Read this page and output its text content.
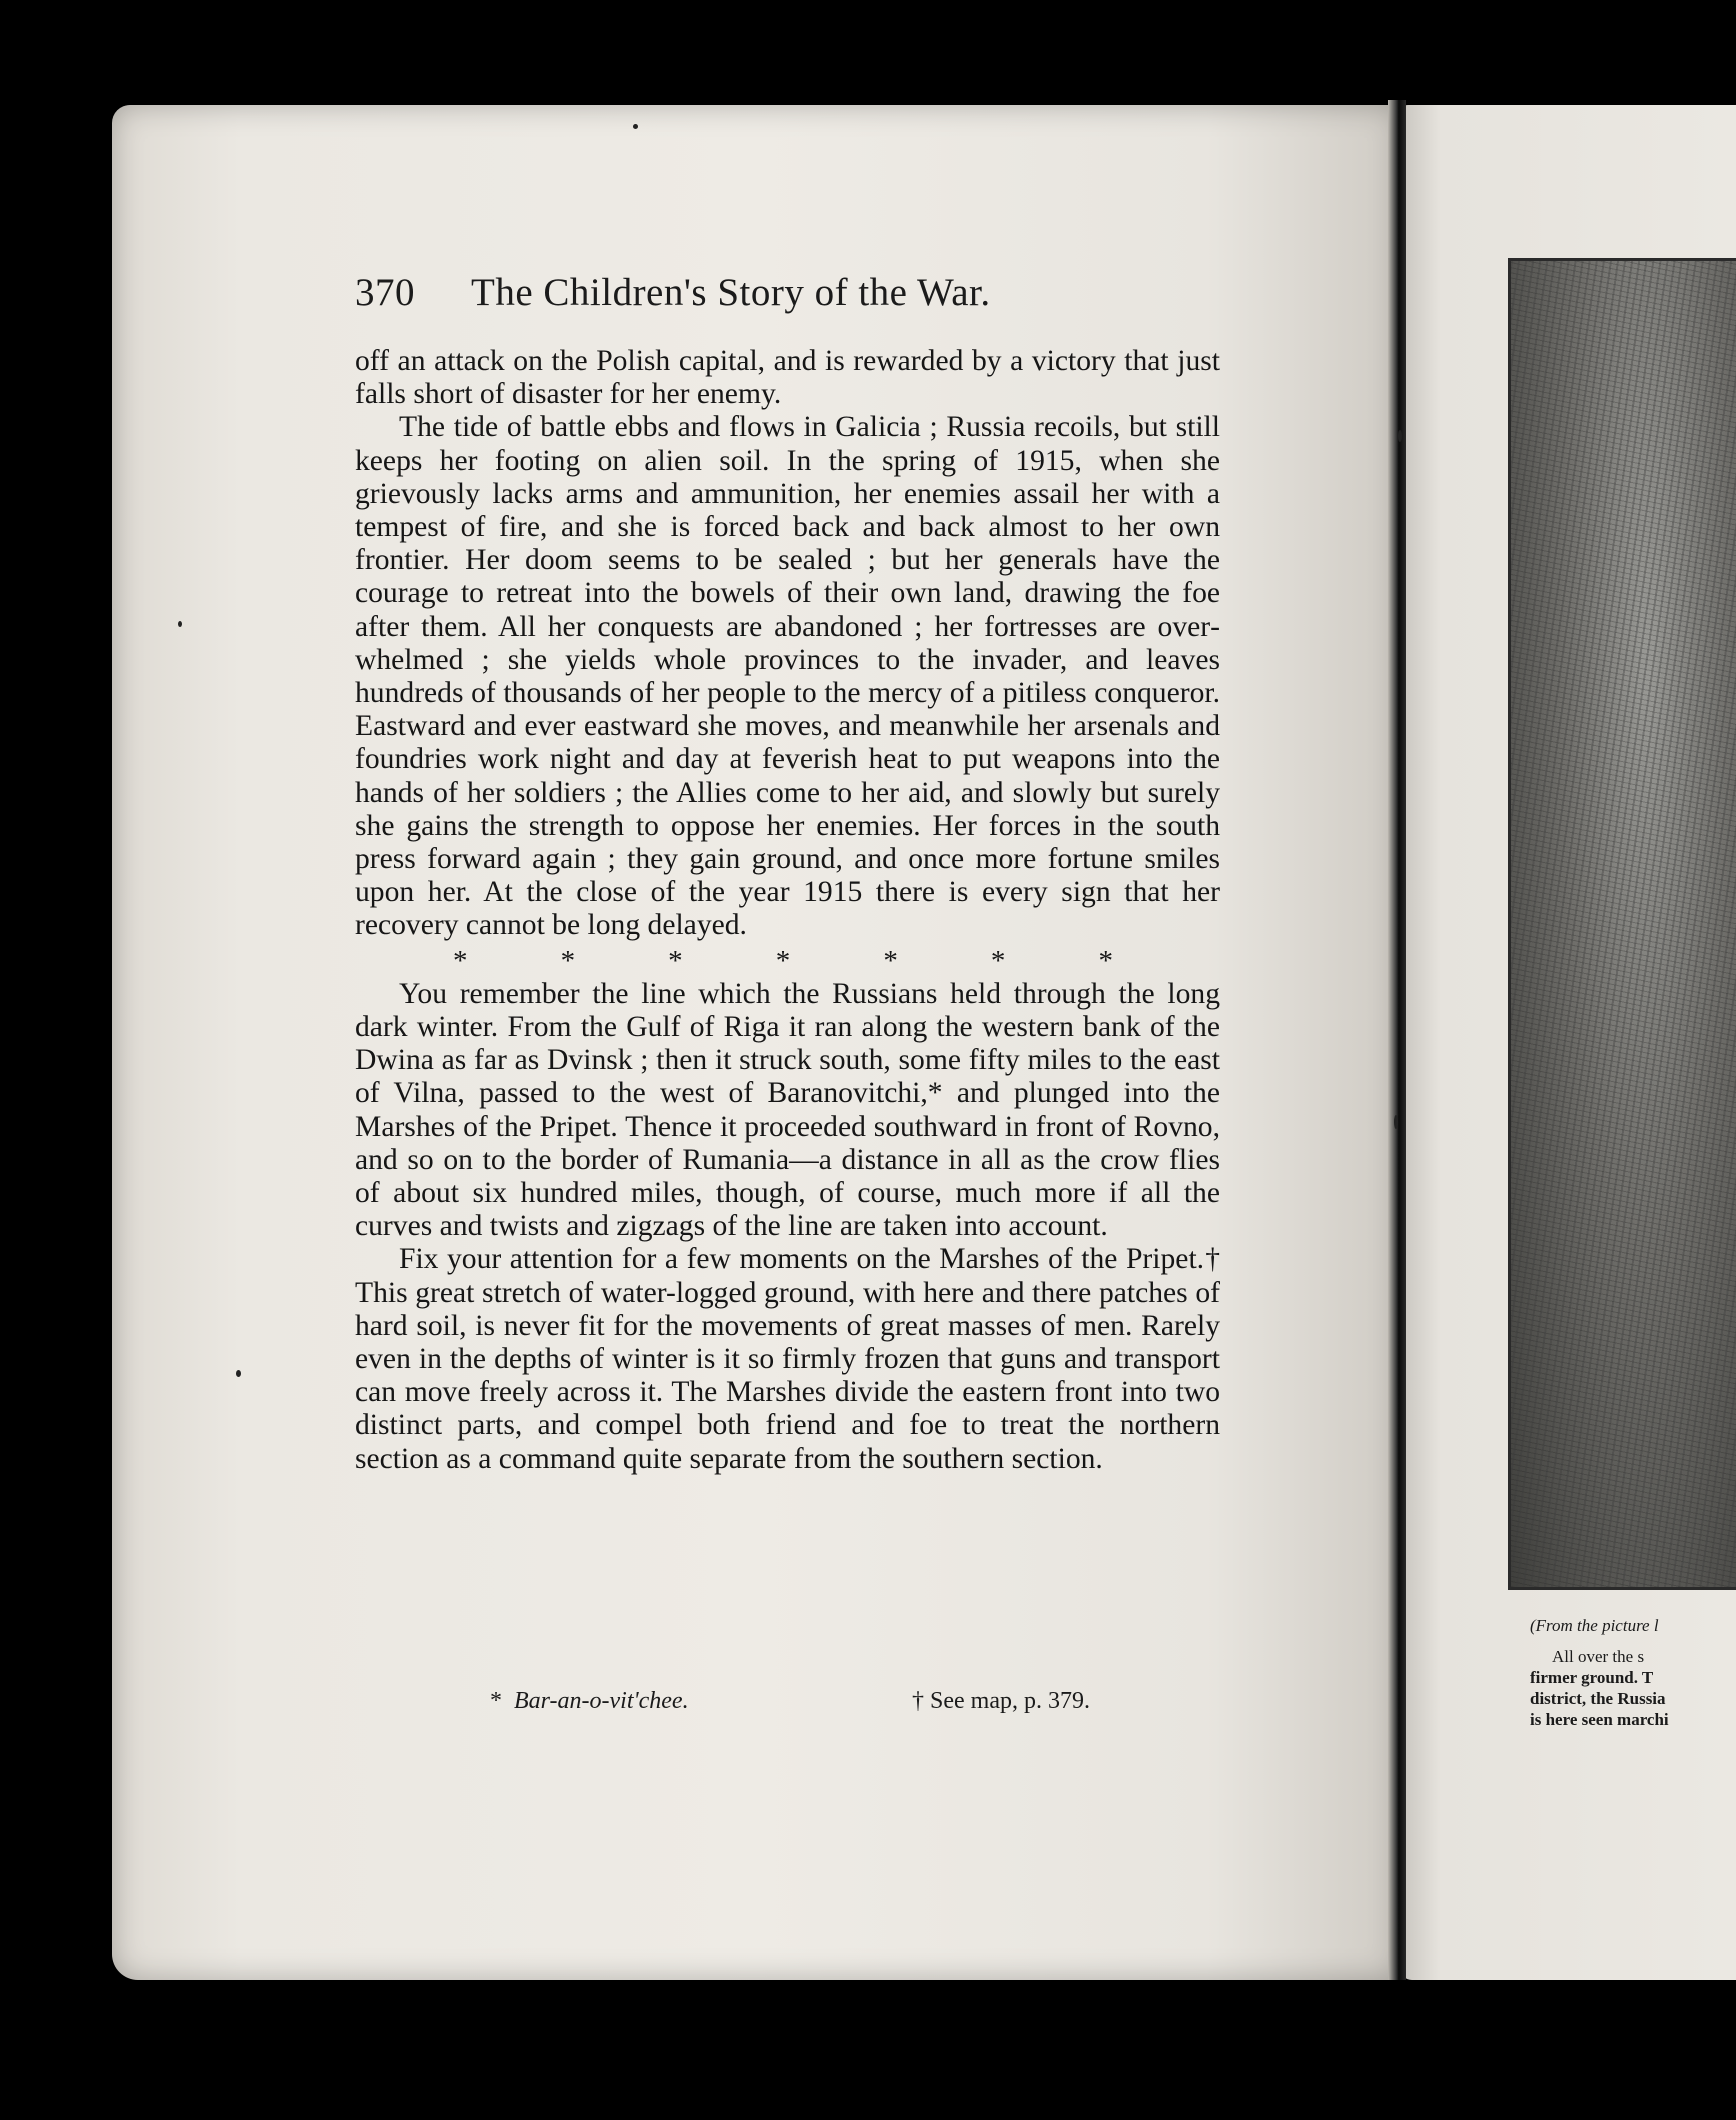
370 The Children's Story of the War.

off an attack on the Polish capital, and is rewarded by a victory that just falls short of disaster for her enemy.

The tide of battle ebbs and flows in Galicia ; Russia recoils, but still keeps her footing on alien soil. In the spring of 1915, when she grievously lacks arms and ammunition, her enemies assail her with a tempest of fire, and she is forced back and back almost to her own frontier. Her doom seems to be sealed ; but her generals have the courage to retreat into the bowels of their own land, drawing the foe after them. All her conquests are abandoned ; her fortresses are overwhelmed ; she yields whole provinces to the invader, and leaves hundreds of thousands of her people to the mercy of a pitiless conqueror. Eastward and ever eastward she moves, and meanwhile her arsenals and foundries work night and day at feverish heat to put weapons into the hands of her soldiers ; the Allies come to her aid, and slowly but surely she gains the strength to oppose her enemies. Her forces in the south press forward again ; they gain ground, and once more fortune smiles upon her. At the close of the year 1915 there is every sign that her recovery cannot be long delayed.

*	*	*	*	*	*	*

You remember the line which the Russians held through the long dark winter. From the Gulf of Riga it ran along the western bank of the Dwina as far as Dvinsk ; then it struck south, some fifty miles to the east of Vilna, passed to the west of Baranovitchi,* and plunged into the Marshes of the Pripet. Thence it proceeded southward in front of Rovno, and so on to the border of Rumania—a distance in all as the crow flies of about six hundred miles, though, of course, much more if all the curves and twists and zigzags of the line are taken into account.

Fix your attention for a few moments on the Marshes of the Pripet.† This great stretch of water-logged ground, with here and there patches of hard soil, is never fit for the movements of great masses of men. Rarely even in the depths of winter is it so firmly frozen that guns and transport can move freely across it. The Marshes divide the eastern front into two distinct parts, and compel both friend and foe to treat the northern section as a command quite separate from the southern section.

* Bar-an-o-vit'chee.	† See map, p. 379.
(From the picture l
All over the s
firmer ground. T
district, the Russia
is here seen marchi
